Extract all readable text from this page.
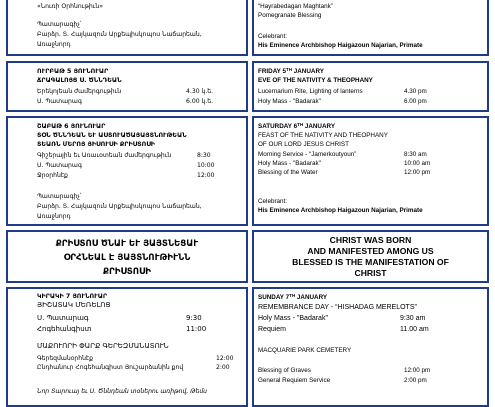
«Նուռի Օրհնութիւն»
Պատարագիչ՝
Բարձր. Տ. Հայկազուն Արքեպիսկոպոս Նաճարեան,
Առաջնորդ
“Hayrabedagan Maghtank”
Pomegranate Blessing
Celebrant:
His Eminence Archbishop Haigazoun Najarian, Primate
ՈՒՐԲԱԹ 5 ՅՈՒՆՈՒԱՐ
ՃՐԱԳԱԼՈՅՑ Ս. ԾՆՆԴԵԱՆ
Երեկոյեան ժամերգութիւն	4.30 կ.ե.
Ս. Պատարագ	6.00 կ.ե.
FRIDAY 5TH JANUARY
EVE OF THE NATIVITY & THEOPHANY
Lucernarium Rite, Lighting of lanterns	4.30 pm
Holy Mass - "Badarak"	6.00 pm
ՇԱԲԱԹ 6 ՅՈՒՆՈՒԱՐ
ՏՕՆ ԾՆՆԴԵԱՆ ԵՒ ԱՍՏՈՒԱԾԱՅԱՅՏՆՈՒԹԵԱՆ
ՏԵԱՌՆ ՄԵՐՈՅ ՅԻՍՈՒՍԻ ՔՐԻՍՏՈՍԻ
Գիշերային եւ Առաւօտեան ժամերգութիւն	8:30
Ս. Պատարագ	10:00
Ջրօրհնէք	12:00
Պատարագիչ՝
Բարձր. Տ. Հայկազուն Արքեպիսկոպոս Նաճարեան,
Առաջնորդ
SATURDAY 6TH JANUARY
FEAST OF THE NATIVITY AND THEOPHANY
OF OUR LORD JESUS CHRIST
Morning Service - “Jamerkoutyoun”	8:30 am
Holy Mass - "Badarak"	10:00 am
Blessing of the Water	12:00 pm
Celebrant:
His Eminence Archbishop Haigazoun Najarian, Primate
ՔՐԻՍՏՈՍ ԾՆԱՒ ԵՒ ՅԱՅՏՆԵՑԱՒ
ՕՐՀՆԵԱԼ Է ՅԱՅՏՆՈՒԹԻՒՆՆ
ՔՐԻՍՏՈՍԻ
CHRIST WAS BORN
AND MANIFESTED AMONG US
BLESSED IS THE MANIFESTATION OF
CHRIST
ԿԻՐԱԿԻ 7 ՅՈՒՆՈՒԱՐ
ՅԻՇԱՏԱԿ ՄԵՌԵԼՈՑ
Ս. Պատարագ	9:30
Հոգեհանգիստ	11:00
ՄԱՔՈՒՈՐԻ ՓԱՐՔ ԳԵՐԵԶՄԱՆԱՏՈՒՆ
Գերեզմանօրհնէք	12:00
Ընդհանուր Հոգեհանգիստ Յուշարձանին քով	2:00
Նոր Տարուայ եւ Ս. Ծննդեան տօներու առիթով, Թեմս
SUNDAY 7TH JANUARY
REMEMBRANCE DAY - “HISHADAG MERELOTS”
Holy Mass - "Badarak"	9:30 am
Requiem	11.00 am
MACQUARIE PARK CEMETERY
Blessing of Graves	12:00 pm
General Requiem Service	2:00 pm
